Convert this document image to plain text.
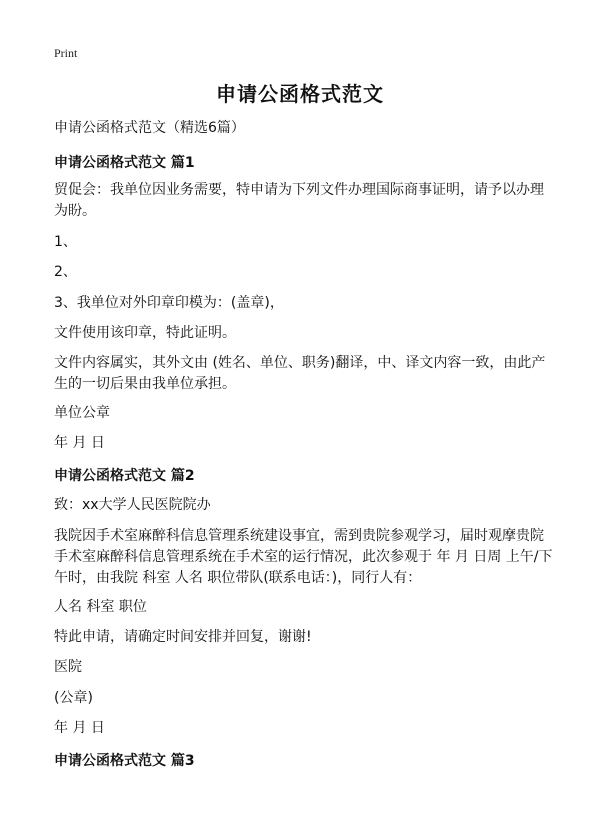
Print
申请公函格式范文
申请公函格式范文（精选6篇）
申请公函格式范文 篇1
贸促会：我单位因业务需要，特申请为下列文件办理国际商事证明，请予以办理为盼。
1、
2、
3、我单位对外印章印模为：(盖章)，
文件使用该印章，特此证明。
文件内容属实，其外文由 (姓名、单位、职务)翻译，中、译文内容一致，由此产生的一切后果由我单位承担。
单位公章
年 月 日
申请公函格式范文 篇2
致：xx大学人民医院院办
我院因手术室麻醉科信息管理系统建设事宜，需到贵院参观学习，届时观摩贵院手术室麻醉科信息管理系统在手术室的运行情况，此次参观于 年 月 日周 上午/下午时，由我院 科室 人名 职位带队(联系电话：)，同行人有：
人名 科室 职位
特此申请，请确定时间安排并回复，谢谢!
医院
(公章)
年 月 日
申请公函格式范文 篇3
